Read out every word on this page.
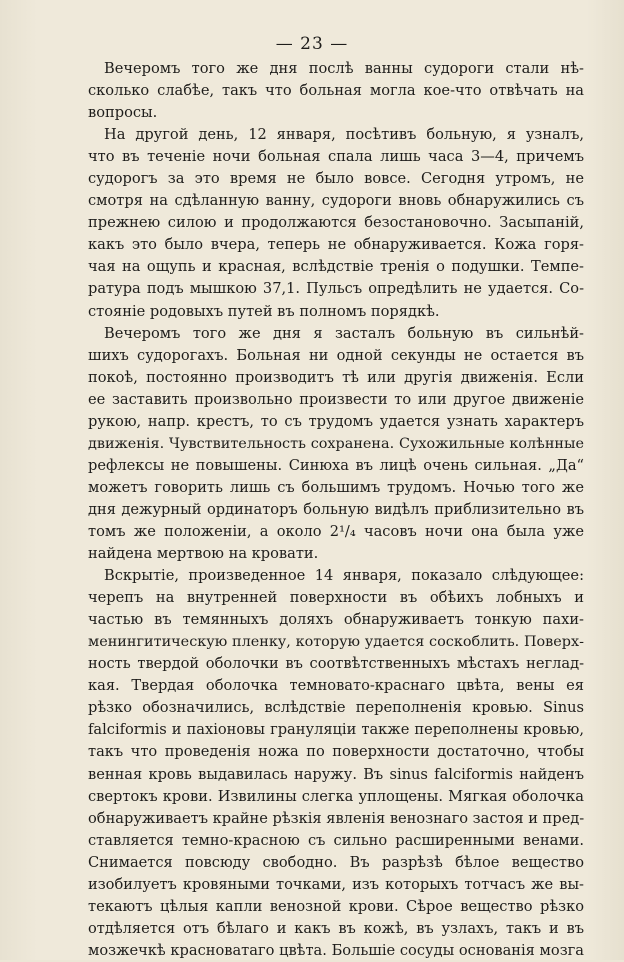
— 23 —
Вечеромъ того же дня послѣ ванны судороги стали нѣ-
сколько слабѣе, такъ что больная могла кое-что отвѣчать на
вопросы.
На другой день, 12 января, посѣтивъ больную, я узналъ,
что въ теченіе ночи больная спала лишь часа 3—4, причемъ
судорогъ за это время не было вовсе. Сегодня утромъ, не
смотря на сдѣланную ванну, судороги вновь обнаружились съ
прежнею силою и продолжаются безостановочно. Засыпаній,
какъ это было вчера, теперь не обнаруживается. Кожа горя-
чая на ощупь и красная, вслѣдствіе тренія о подушки. Темпе-
ратура подъ мышкою 37,1. Пульсъ опредѣлить не удается. Со-
стояніе родовыхъ путей въ полномъ порядкѣ.
Вечеромъ того же дня я засталъ больную въ сильнѣй-
шихъ судорогахъ. Больная ни одной секунды не остается въ
покоѣ, постоянно производитъ тѣ или другія движенія. Если
ее заставить произвольно произвести то или другое движеніе
рукою, напр. крестъ, то съ трудомъ удается узнать характеръ
движенія. Чувствительность сохранена. Сухожильные колѣнные
рефлексы не повышены. Синюха въ лицѣ очень сильная. „Да“
можетъ говорить лишь съ большимъ трудомъ. Ночью того же
дня дежурный ординаторъ больную видѣлъ приблизительно въ
томъ же положеніи, а около 2¹/₄ часовъ ночи она была уже
найдена мертвою на кровати.
Вскрытіе, произведенное 14 января, показало слѣдующее:
черепъ на внутренней поверхности въ обѣихъ лобныхъ и
частью въ темянныхъ доляхъ обнаруживаетъ тонкую пахи-
менингитическую пленку, которую удается соскоблить. Поверх-
ность твердой оболочки въ соотвѣтственныхъ мѣстахъ неглад-
кая. Твердая оболочка темновато-краснаго цвѣта, вены ея
рѣзко обозначились, вслѣдствіе переполненія кровью. Sinus
falciformis и пахіоновы грануляціи также переполнены кровью,
такъ что проведенія ножа по поверхности достаточно, чтобы
венная кровь выдавилась наружу. Въ sinus falciformis найденъ
свертокъ крови. Извилины слегка уплощены. Мягкая оболочка
обнаруживаетъ крайне рѣзкія явленія венознаго застоя и пред-
ставляется темно-красною съ сильно расширенными венами.
Снимается повсюду свободно. Въ разрѣзѣ бѣлое вещество
изобилуетъ кровяными точками, изъ которыхъ тотчасъ же вы-
текаютъ цѣлыя капли венозной крови. Сѣрое вещество рѣзко
отдѣляется отъ бѣлаго и какъ въ кожѣ, въ узлахъ, такъ и въ
мозжечкѣ красноватаго цвѣта. Большіе сосуды основанія мозга
